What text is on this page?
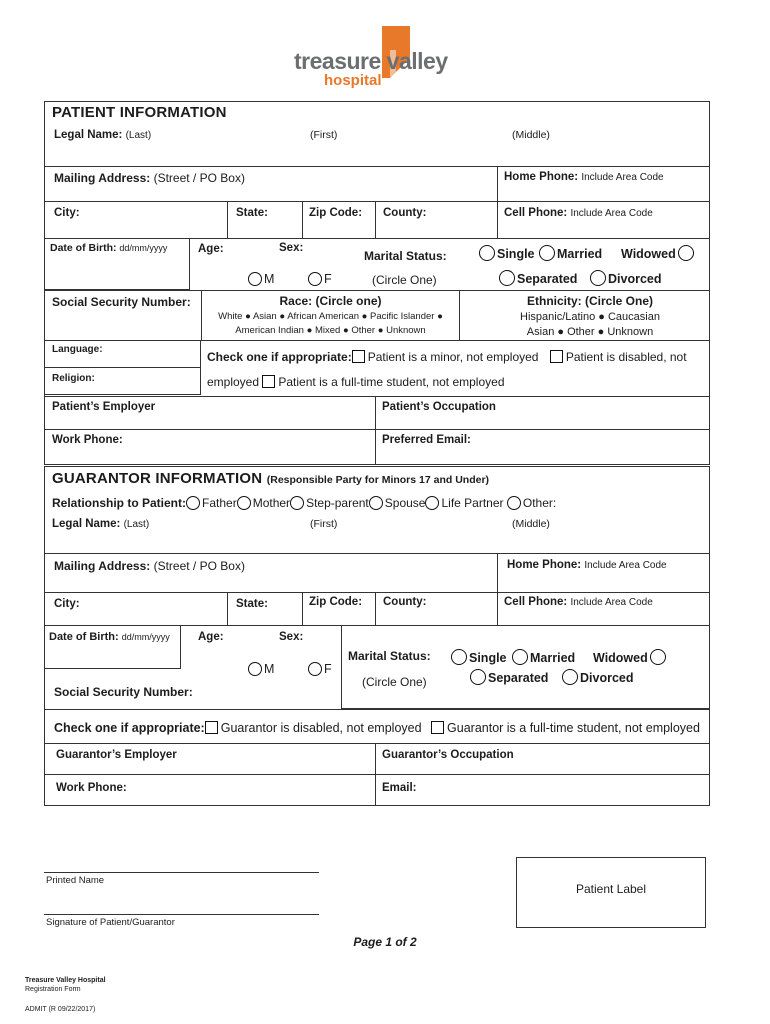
treasure valley
hospital
PATIENT INFORMATION
Legal Name: (Last)	(First)	(Middle)
Mailing Address: (Street / PO Box)	Home Phone: Include Area Code
City:	State:	Zip Code: County:	Cell Phone: Include Area Code
Date of Birth: dd/mm/yyyy	Age:	Sex:
M	F
Marital Status:
(Circle One)
Single	Married Widowed
Separated	Divorced
Social Security Number:	Race: (Circle one)
White ● Asian ● African American ● Pacific Islander ●
American Indian ● Mixed ● Other ● Unknown
Ethnicity: (Circle One)
Hispanic/Latino ● Caucasian
Asian ● Other ● Unknown
Language:
Religion:
Check one if appropriate: Patient is a minor, not employed Patient is disabled, not
employed Patient is a full-time student, not employed
Patient’s Employer	Patient’s Occupation
Work Phone:	Preferred Email:
GUARANTOR INFORMATION (Responsible Party for Minors 17 and Under)
Relationship to Patient: Father Mother Step-parent Spouse Life Partner Other:
Legal Name: (Last)	(First)	(Middle)
Mailing Address: (Street / PO Box)	Home Phone: Include Area Code
City:	State:	Zip Code: County:	Cell Phone: Include Area Code
Date of Birth: dd/mm/yyyy Age:	Sex:
M	F
Marital Status:
(Circle One)
Single	Married Widowed
Separated	Divorced
Social Security Number:
Check one if appropriate: Guarantor is disabled, not employed Guarantor is a full-time student, not employed
Guarantor’s Employer	Guarantor’s Occupation
Work Phone:	Email:
Printed Name
Signature of Patient/Guarantor
Patient Label
Page 1 of 2
Treasure Valley Hospital
Registration Form
ADMIT (R 09/22/2017)
